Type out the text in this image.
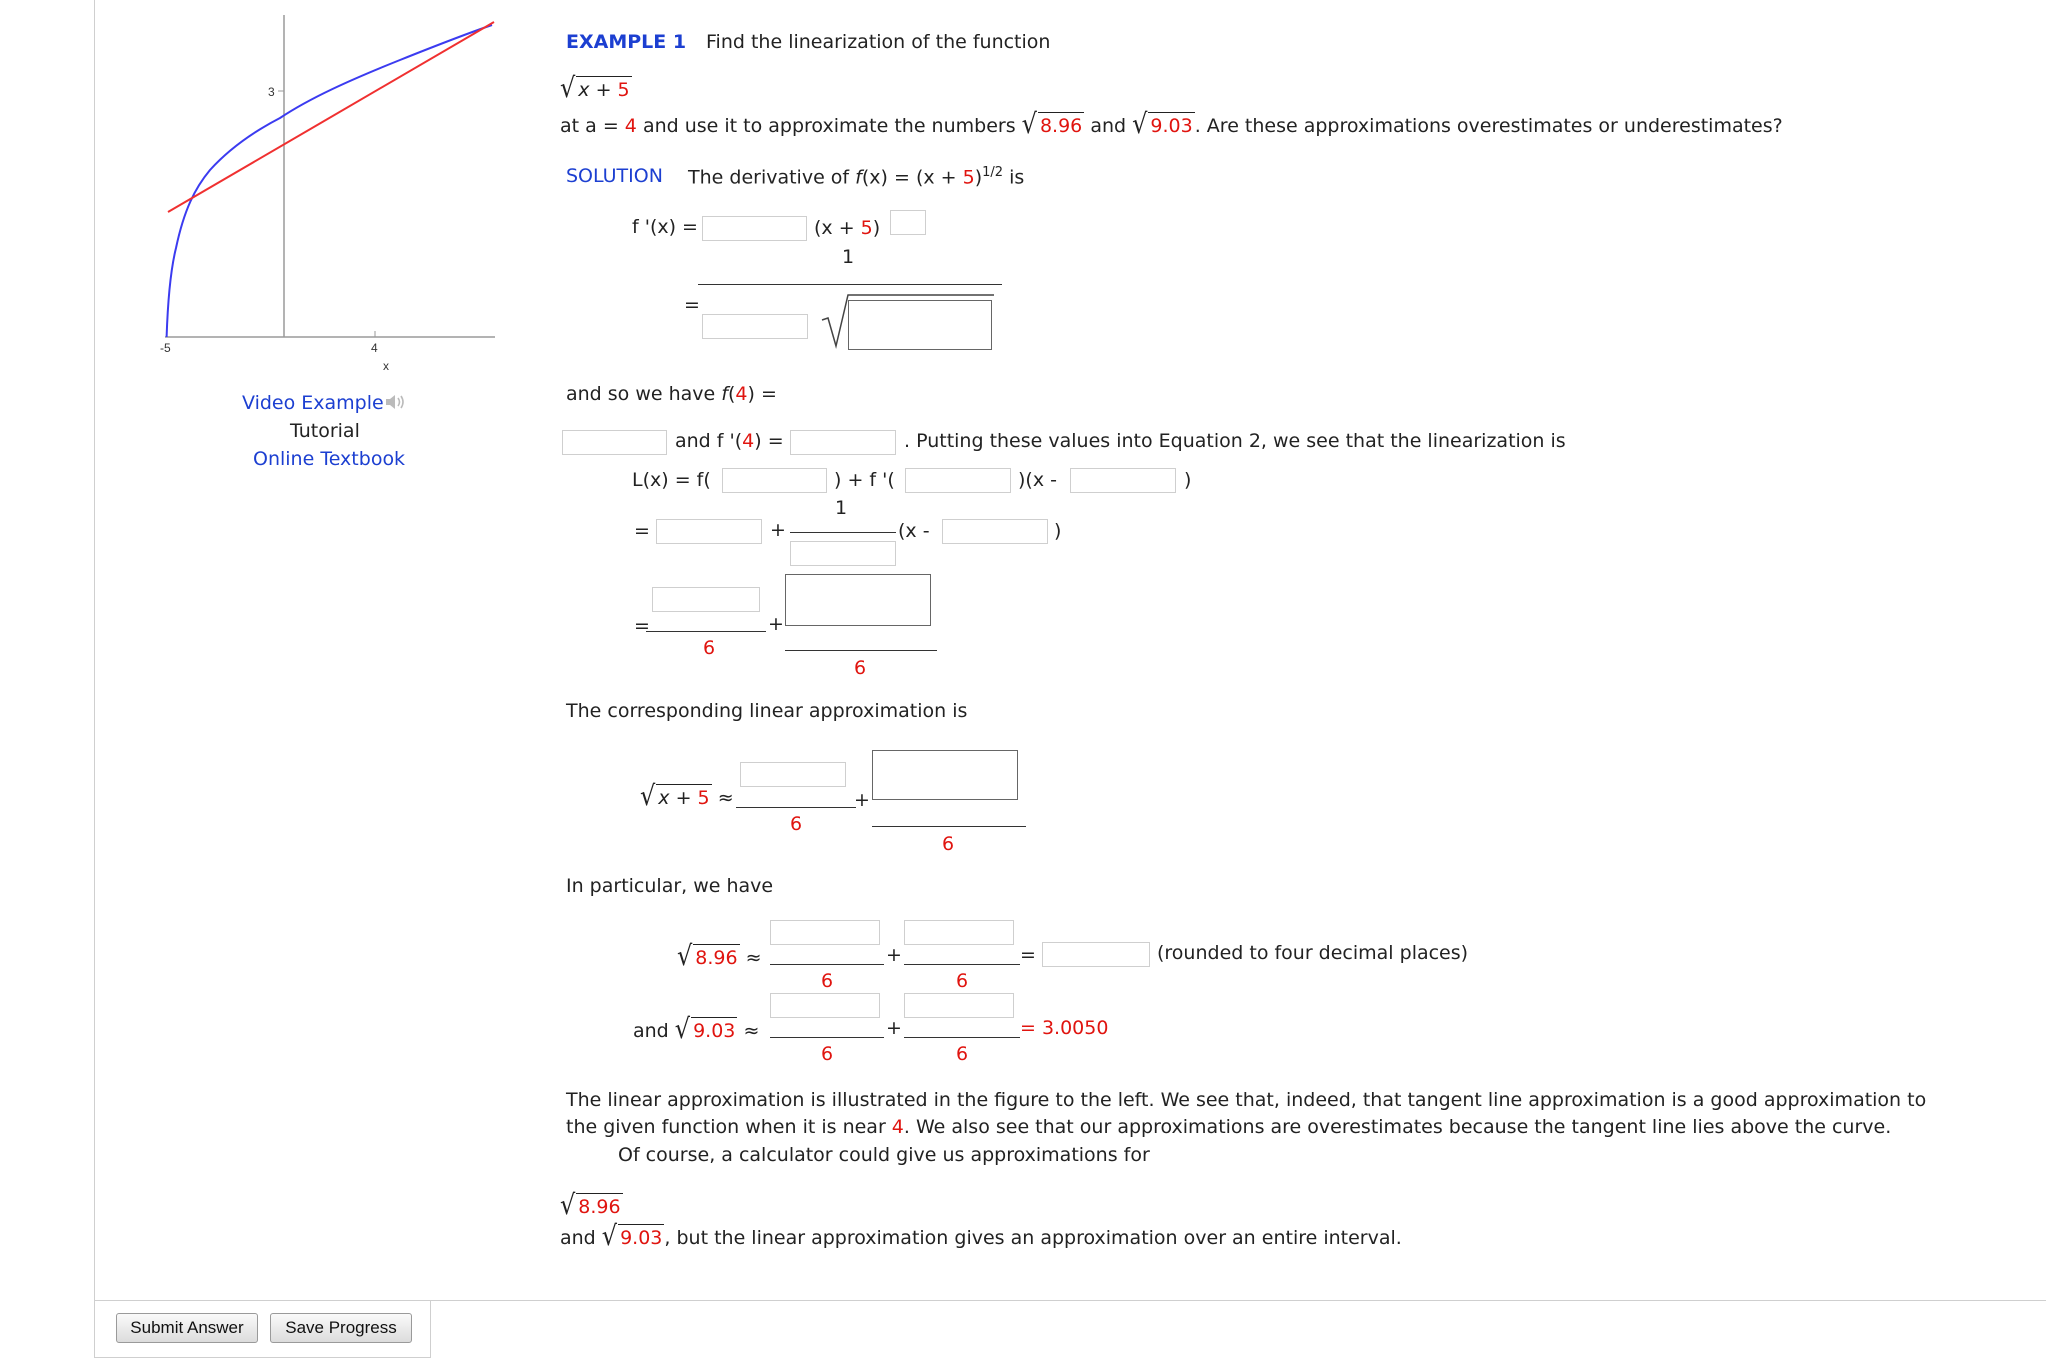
3
-5	4
x
Video Example
Tutorial
Online Textbook
EXAMPLE 1 Find the linearization of the function
√ x + 5
at a = 4 and use it to approximate the numbers √ 8.96 and √ 9.03 . Are these approximations overestimates or underestimates?
SOLUTION The derivative of $f(x) = (x + 5)^{1/2}$ is
f '(x) =	(x + 5)
1
=
and so we have f(4) =
and f '(4) =	. Putting these values into Equation 2, we see that the linearization is
L(x) = f(	) + f '(	)(x -	)
=	+
1
(x -	)
=
6
+
6
The corresponding linear approximation is
√ x + 5 ≈
6
+
6
In particular, we have
√ 8.96 ≈
6
+
6
=	(rounded to four decimal places)
and √ 9.03 ≈
6
+
6
= 3.0050
The linear approximation is illustrated in the figure to the left. We see that, indeed, that tangent line approximation is a good approximation to
the given function when it is near 4. We also see that our approximations are overestimates because the tangent line lies above the curve.
Of course, a calculator could give us approximations for
√ 8.96
and √ 9.03 , but the linear approximation gives an approximation over an entire interval.
Submit Answer	Save Progress
